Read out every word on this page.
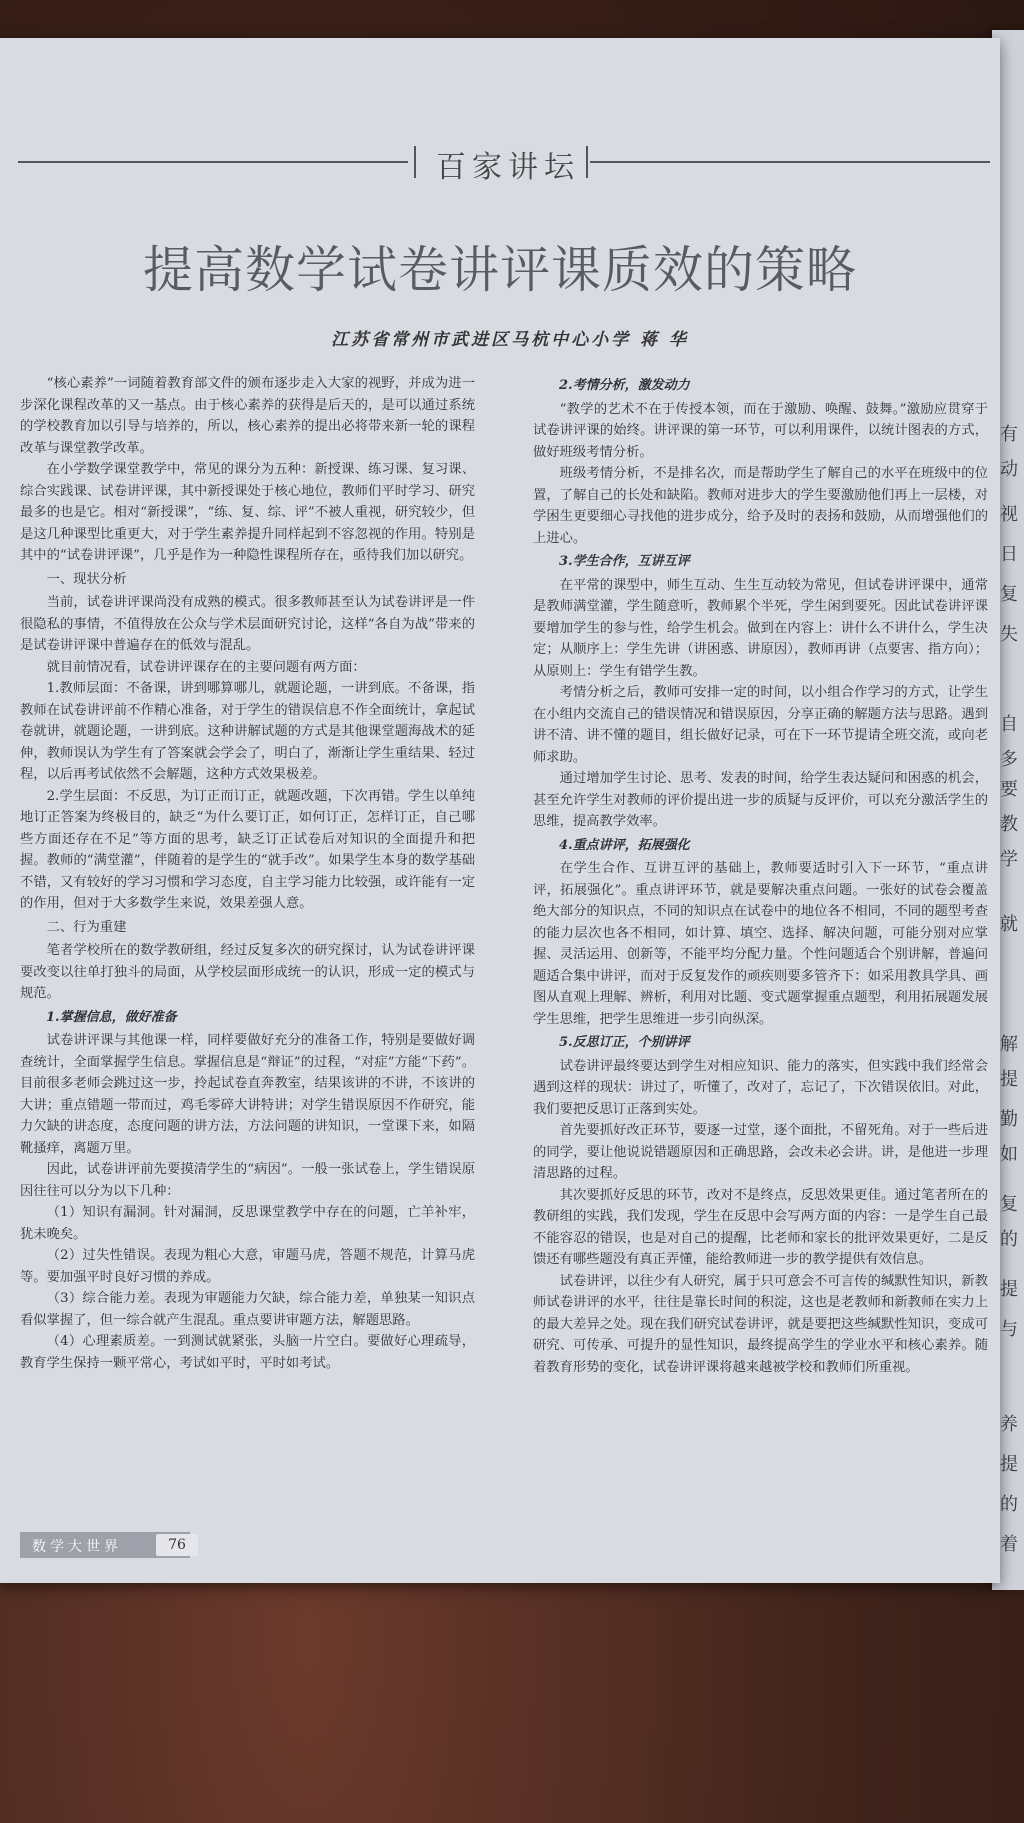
有
动
视
日
复
失
自
多
要
教
学
就
解
提
勤
如
复
的
提
与
养
提
的
着
百家讲坛
提高数学试卷讲评课质效的策略
江苏省常州市武进区马杭中心小学 蒋 华

“核心素养”一词随着教育部文件的颁布逐步走入大家的视野，并成为进一步深化课程改革的又一基点。由于核心素养的获得是后天的，是可以通过系统的学校教育加以引导与培养的，所以，核心素养的提出必将带来新一轮的课程改革与课堂教学改革。

在小学数学课堂教学中，常见的课分为五种：新授课、练习课、复习课、综合实践课、试卷讲评课，其中新授课处于核心地位，教师们平时学习、研究最多的也是它。相对“新授课”，“练、复、综、评”不被人重视，研究较少，但是这几种课型比重更大，对于学生素养提升同样起到不容忽视的作用。特别是其中的“试卷讲评课”，几乎是作为一种隐性课程所存在，亟待我们加以研究。

一、现状分析

当前，试卷讲评课尚没有成熟的模式。很多教师甚至认为试卷讲评是一件很隐私的事情，不值得放在公众与学术层面研究讨论，这样“各自为战”带来的是试卷讲评课中普遍存在的低效与混乱。

就目前情况看，试卷讲评课存在的主要问题有两方面：

1.教师层面：不备课，讲到哪算哪儿，就题论题，一讲到底。不备课，指教师在试卷讲评前不作精心准备，对于学生的错误信息不作全面统计，拿起试卷就讲，就题论题，一讲到底。这种讲解试题的方式是其他课堂题海战术的延伸，教师误认为学生有了答案就会学会了，明白了，渐渐让学生重结果、轻过程，以后再考试依然不会解题，这种方式效果极差。

2.学生层面：不反思，为订正而订正，就题改题，下次再错。学生以单纯地订正答案为终极目的，缺乏“为什么要订正，如何订正，怎样订正，自己哪些方面还存在不足”等方面的思考，缺乏订正试卷后对知识的全面提升和把握。教师的“满堂灌”，伴随着的是学生的“就手改”。如果学生本身的数学基础不错，又有较好的学习习惯和学习态度，自主学习能力比较强，或许能有一定的作用，但对于大多数学生来说，效果差强人意。

二、行为重建

笔者学校所在的数学教研组，经过反复多次的研究探讨，认为试卷讲评课要改变以往单打独斗的局面，从学校层面形成统一的认识，形成一定的模式与规范。

1.掌握信息，做好准备

试卷讲评课与其他课一样，同样要做好充分的准备工作，特别是要做好调查统计，全面掌握学生信息。掌握信息是“辩证”的过程，“对症”方能“下药”。目前很多老师会跳过这一步，拎起试卷直奔教室，结果该讲的不讲，不该讲的大讲；重点错题一带而过，鸡毛零碎大讲特讲；对学生错误原因不作研究，能力欠缺的讲态度，态度问题的讲方法，方法问题的讲知识，一堂课下来，如隔靴搔痒，离题万里。

因此，试卷讲评前先要摸清学生的“病因”。一般一张试卷上，学生错误原因往往可以分为以下几种：

（1）知识有漏洞。针对漏洞，反思课堂教学中存在的问题，亡羊补牢，犹未晚矣。

（2）过失性错误。表现为粗心大意，审题马虎，答题不规范，计算马虎等。要加强平时良好习惯的养成。

（3）综合能力差。表现为审题能力欠缺，综合能力差，单独某一知识点看似掌握了，但一综合就产生混乱。重点要讲审题方法，解题思路。

（4）心理素质差。一到测试就紧张，头脑一片空白。要做好心理疏导，教育学生保持一颗平常心，考试如平时，平时如考试。

2.考情分析，激发动力

“教学的艺术不在于传授本领，而在于激励、唤醒、鼓舞。”激励应贯穿于试卷讲评课的始终。讲评课的第一环节，可以利用课件，以统计图表的方式，做好班级考情分析。

班级考情分析，不是排名次，而是帮助学生了解自己的水平在班级中的位置，了解自己的长处和缺陷。教师对进步大的学生要激励他们再上一层楼，对学困生更要细心寻找他的进步成分，给予及时的表扬和鼓励，从而增强他们的上进心。

3.学生合作，互讲互评

在平常的课型中，师生互动、生生互动较为常见，但试卷讲评课中，通常是教师满堂灌，学生随意听，教师累个半死，学生闲到要死。因此试卷讲评课要增加学生的参与性，给学生机会。做到在内容上：讲什么不讲什么，学生决定；从顺序上：学生先讲（讲困惑、讲原因），教师再讲（点要害、指方向）；从原则上：学生有错学生教。

考情分析之后，教师可安排一定的时间，以小组合作学习的方式，让学生在小组内交流自己的错误情况和错误原因，分享正确的解题方法与思路。遇到讲不清、讲不懂的题目，组长做好记录，可在下一环节提请全班交流，或向老师求助。

通过增加学生讨论、思考、发表的时间，给学生表达疑问和困惑的机会，甚至允许学生对教师的评价提出进一步的质疑与反评价，可以充分激活学生的思维，提高教学效率。

4.重点讲评，拓展强化

在学生合作、互讲互评的基础上，教师要适时引入下一环节，“重点讲评，拓展强化”。重点讲评环节，就是要解决重点问题。一张好的试卷会覆盖绝大部分的知识点，不同的知识点在试卷中的地位各不相同，不同的题型考查的能力层次也各不相同，如计算、填空、选择、解决问题，可能分别对应掌握、灵活运用、创新等，不能平均分配力量。个性问题适合个别讲解，普遍问题适合集中讲评，而对于反复发作的顽疾则要多管齐下：如采用教具学具、画图从直观上理解、辨析，利用对比题、变式题掌握重点题型，利用拓展题发展学生思维，把学生思维进一步引向纵深。

5.反思订正，个别讲评

试卷讲评最终要达到学生对相应知识、能力的落实，但实践中我们经常会遇到这样的现状：讲过了，听懂了，改对了，忘记了，下次错误依旧。对此，我们要把反思订正落到实处。

首先要抓好改正环节，要逐一过堂，逐个面批，不留死角。对于一些后进的同学，要让他说说错题原因和正确思路，会改未必会讲。讲，是他进一步理清思路的过程。

其次要抓好反思的环节，改对不是终点，反思效果更佳。通过笔者所在的教研组的实践，我们发现，学生在反思中会写两方面的内容：一是学生自己最不能容忍的错误，也是对自己的提醒，比老师和家长的批评效果更好，二是反馈还有哪些题没有真正弄懂，能给教师进一步的教学提供有效信息。

试卷讲评，以往少有人研究，属于只可意会不可言传的缄默性知识，新教师试卷讲评的水平，往往是靠长时间的积淀，这也是老教师和新教师在实力上的最大差异之处。现在我们研究试卷讲评，就是要把这些缄默性知识，变成可研究、可传承、可提升的显性知识，最终提高学生的学业水平和核心素养。随着教育形势的变化，试卷讲评课将越来越被学校和教师们所重视。

数学大世界	76
